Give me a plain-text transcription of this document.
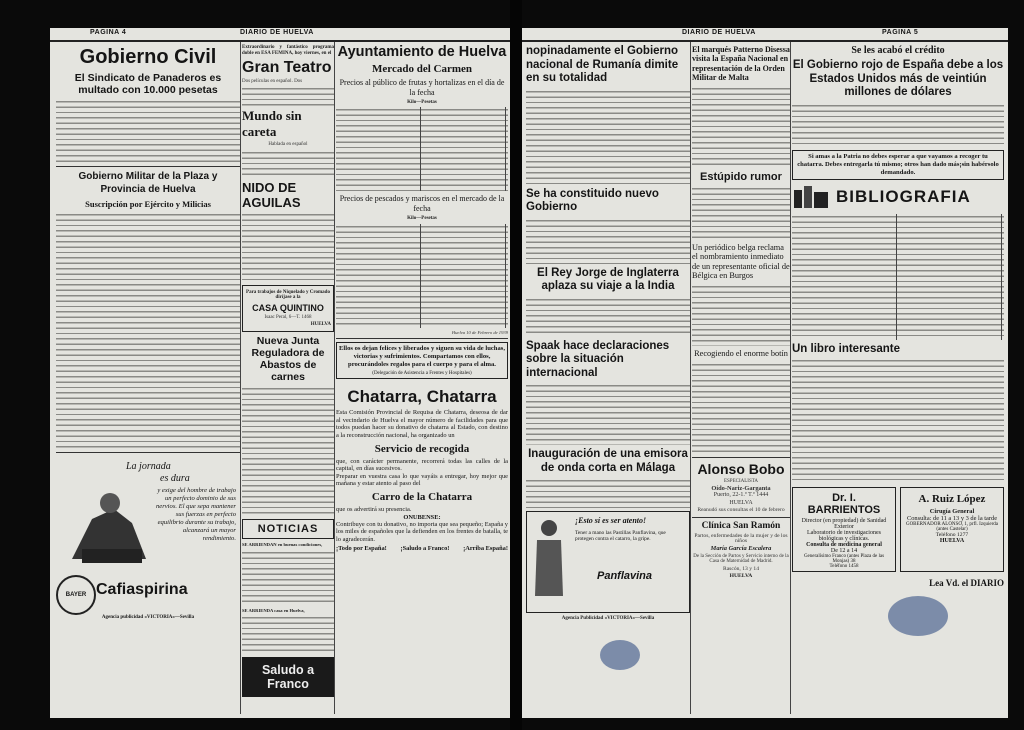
PAGINA 4	DIARIO DE HUELVA
Gobierno Civil
El Sindicato de Panaderos es multado con 10.000 pesetas
Gobierno Militar de la Plaza y Provincia de Huelva
Suscripción por Ejército y Milicias
La jornada
es dura
y exige del hombre de trabajo un perfecto dominio de sus nervios. El que sepa mantener sus fuerzas en perfecto equilibrio durante su trabajo, alcanzará un mayor rendimiento.
BAYER Cafiaspirina
Agencia publicidad «VICTORIA»—Sevilla
Extraordinario y fantástico programa doble en ESA FEMINA, hoy viernes, en el
Gran Teatro
Dos películas en español. Dos
Mundo sin careta
Hablada en español
NIDO DE AGUILAS
Para trabajos de Niquelado y Cromado diríjase a la
CASA QUINTINO
Isaac Peral, 6—T. 1468
HUELVA
Nueva Junta Reguladora de Abastos de carnes
NOTICIAS
SE ARRIENDAN en buenas condiciones,
SE ARRIENDA casa en Huelva,
Saludo a Franco
Ayuntamiento de Huelva
Mercado del Carmen
Precios al público de frutas y hortalizas en el día de la fecha
Kilo—Pesetas
Precios de pescados y mariscos en el mercado de la fecha
Kilo—Pesetas
Huelva 10 de Febrero de 1939
Ellos os dejan felices y liberados y siguen su vida de luchas, victorias y sufrimientos. Compartamos con ellos, procurándoles regalos para el cuerpo y para el alma.
(Delegación de Asistencia a Frentes y Hospitales)
Chatarra, Chatarra
Esta Comisión Provincial de Requisa de Chatarra, deseosa de dar al vecindario de Huelva el mayor número de facilidades para que todos puedan hacer su donativo de chatarra al Estado, con destino a la reconstrucción nacional, ha organizado un
Servicio de recogida
que, con carácter permanente, recorrerá todas las calles de la capital, en días sucesivos.
Preparar en vuestra casa lo que vayáis a entregar, hoy mejor que mañana y estar atento al paso del
Carro de la Chatarra
que os advertirá su presencia.
ONUBENSE:
Contribuye con tu donativo, no importa que sea pequeño; España y los miles de españoles que la defienden en los frentes de batalla, te lo agradecerán.
¡Todo por España! ¡Saludo a Franco! ¡Arriba España!
DIARIO DE HUELVA	PAGINA 5
nopinadamente el Gobierno nacional de Rumanía dimite en su totalidad
Se ha constituido nuevo Gobierno
El Rey Jorge de Inglaterra aplaza su viaje a la India
Spaak hace declaraciones sobre la situación internacional
Inauguración de una emisora de onda corta en Málaga
¡Esto sí es ser atento!
Tener a mano las Pastillas Panflavina, que protegen contra el catarro, la gripe.
Panflavina
Agencia Publicidad «VICTORIA»—Sevilla
El marqués Patterno Disessa visita la España Nacional en representación de la Orden Militar de Malta
Estúpido rumor
Un periódico belga reclama el nombramiento inmediato de un representante oficial de Bélgica en Burgos
Recogiendo el enorme botín
Alonso Bobo
ESPECIALISTA
Oído-Nariz-Garganta
Puerto, 22-1.º T.º 1444
HUELVA
Reanudó sus consultas el 10 de febrero
Clínica San Ramón
Partos, enfermedades de la mujer y de los niños
María García Escalera
De la Sección de Partos y Servicio interno de la Casa de Maternidad de Madrid.
Rascón, 13 y 14
HUELVA
Se les acabó el crédito
El Gobierno rojo de España debe a los Estados Unidos más de veintiún millones de dólares
Si amas a la Patria no debes esperar a que vayamos a recoger tu chatarra. Debes entregarla tú mismo; otros han dado más¡sin habérsolo demandado.
BIBLIOGRAFIA
Un libro interesante
Dr. I. BARRIENTOS
Director (en propiedad) de Sanidad Exterior
Laboratorio de investigaciones biológicas y clínicas.
Consulta de medicina general
De 12 a 14
Generalísimo Franco (antes Plaza de las Monjas) 38
Teléfono 1458
A. Ruiz López
Cirugía General
Consulta: de 11 a 13 y 3 de la tarde
GOBERNADOR ALONSO, 1, prfl. Izquierda (antes Castelar)
Teléfono 1277
HUELVA
Lea Vd. el DIARIO
